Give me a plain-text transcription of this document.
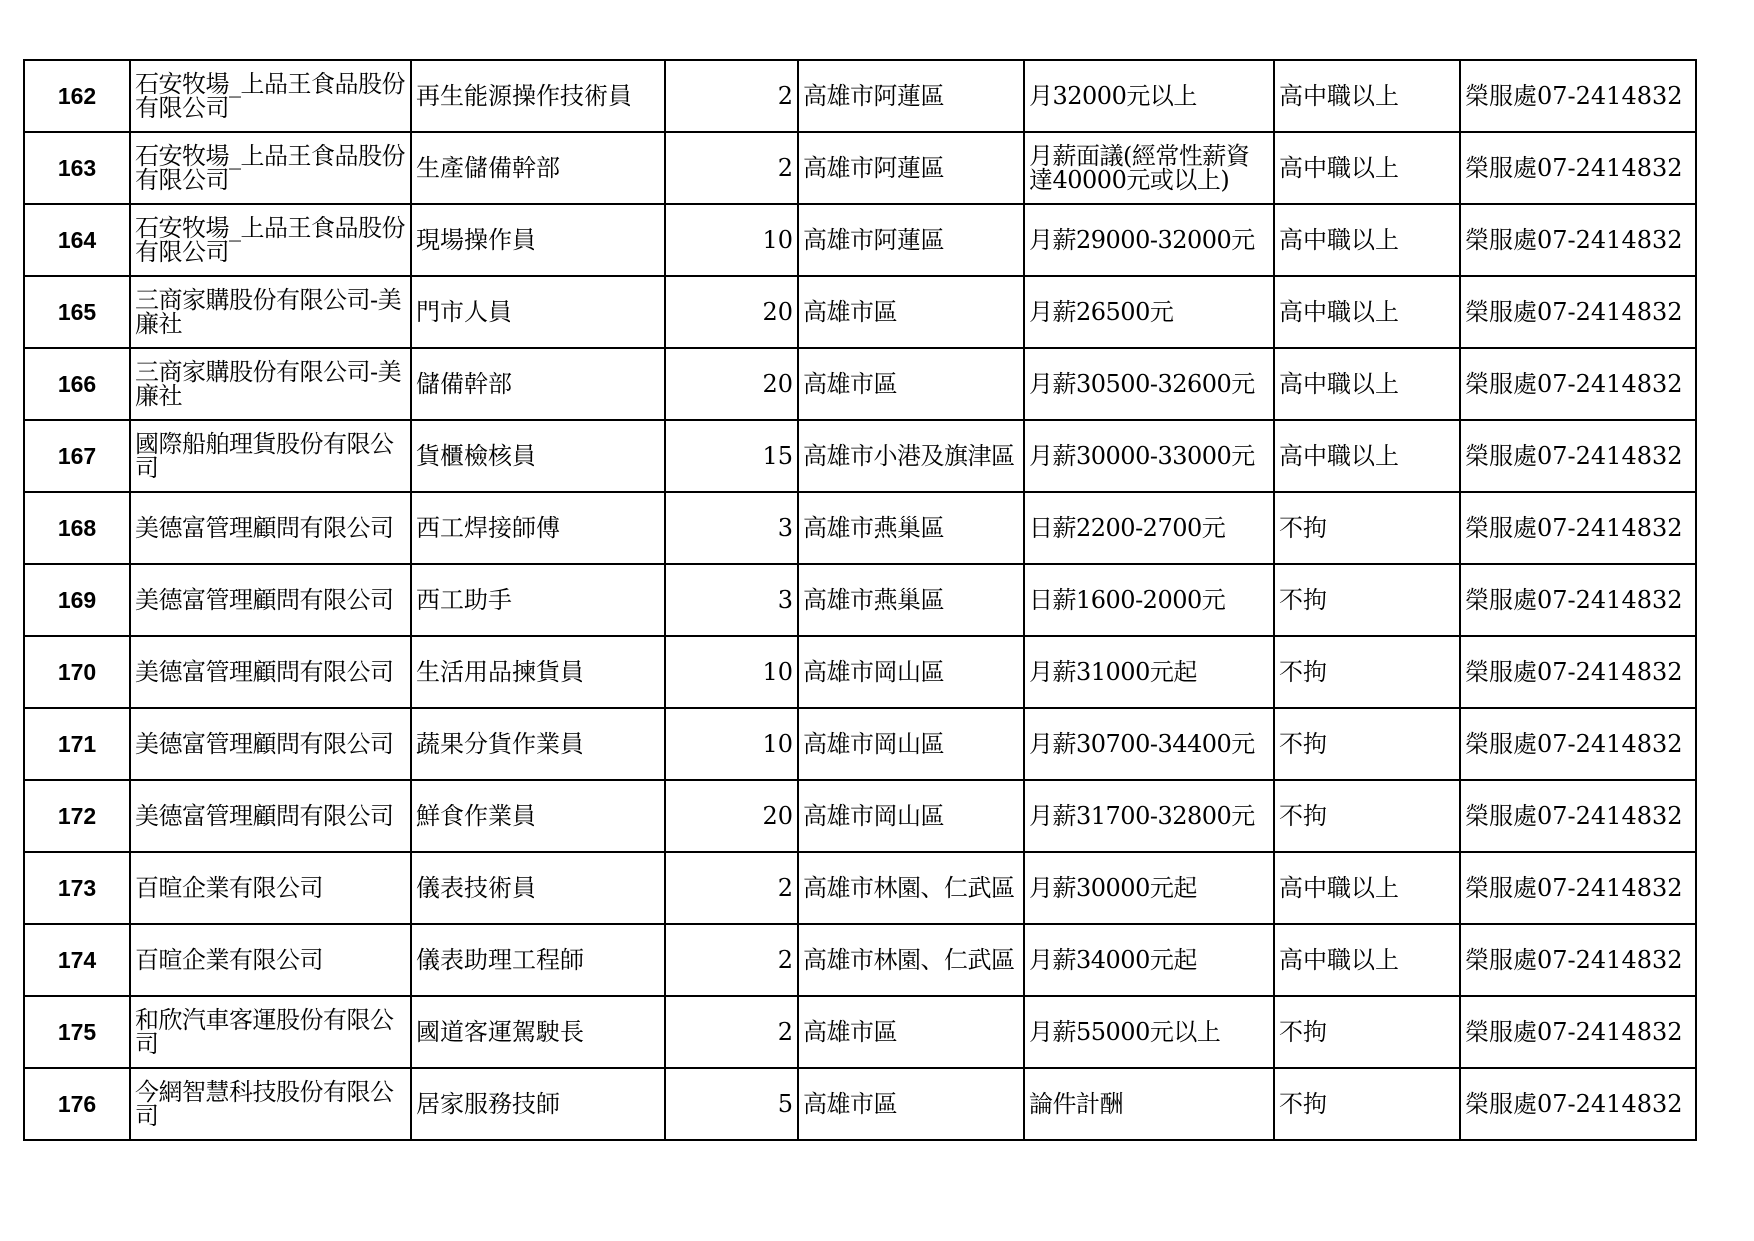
162	石安牧場_上品王食品股份有限公司	再生能源操作技術員	2	高雄市阿蓮區	月32000元以上	高中職以上	榮服處07-2414832
163	石安牧場_上品王食品股份有限公司	生產儲備幹部	2	高雄市阿蓮區	月薪面議(經常性薪資達40000元或以上)	高中職以上	榮服處07-2414832
164	石安牧場_上品王食品股份有限公司	現場操作員	10	高雄市阿蓮區	月薪29000-32000元	高中職以上	榮服處07-2414832
165	三商家購股份有限公司-美廉社	門市人員	20	高雄市區	月薪26500元	高中職以上	榮服處07-2414832
166	三商家購股份有限公司-美廉社	儲備幹部	20	高雄市區	月薪30500-32600元	高中職以上	榮服處07-2414832
167	國際船舶理貨股份有限公司	貨櫃檢核員	15	高雄市小港及旗津區	月薪30000-33000元	高中職以上	榮服處07-2414832
168	美德富管理顧問有限公司	西工焊接師傅	3	高雄市燕巢區	日薪2200-2700元	不拘	榮服處07-2414832
169	美德富管理顧問有限公司	西工助手	3	高雄市燕巢區	日薪1600-2000元	不拘	榮服處07-2414832
170	美德富管理顧問有限公司	生活用品揀貨員	10	高雄市岡山區	月薪31000元起	不拘	榮服處07-2414832
171	美德富管理顧問有限公司	蔬果分貨作業員	10	高雄市岡山區	月薪30700-34400元	不拘	榮服處07-2414832
172	美德富管理顧問有限公司	鮮食作業員	20	高雄市岡山區	月薪31700-32800元	不拘	榮服處07-2414832
173	百暄企業有限公司	儀表技術員	2	高雄市林園、仁武區	月薪30000元起	高中職以上	榮服處07-2414832
174	百暄企業有限公司	儀表助理工程師	2	高雄市林園、仁武區	月薪34000元起	高中職以上	榮服處07-2414832
175	和欣汽車客運股份有限公司	國道客運駕駛長	2	高雄市區	月薪55000元以上	不拘	榮服處07-2414832
176	今網智慧科技股份有限公司	居家服務技師	5	高雄市區	論件計酬	不拘	榮服處07-2414832
